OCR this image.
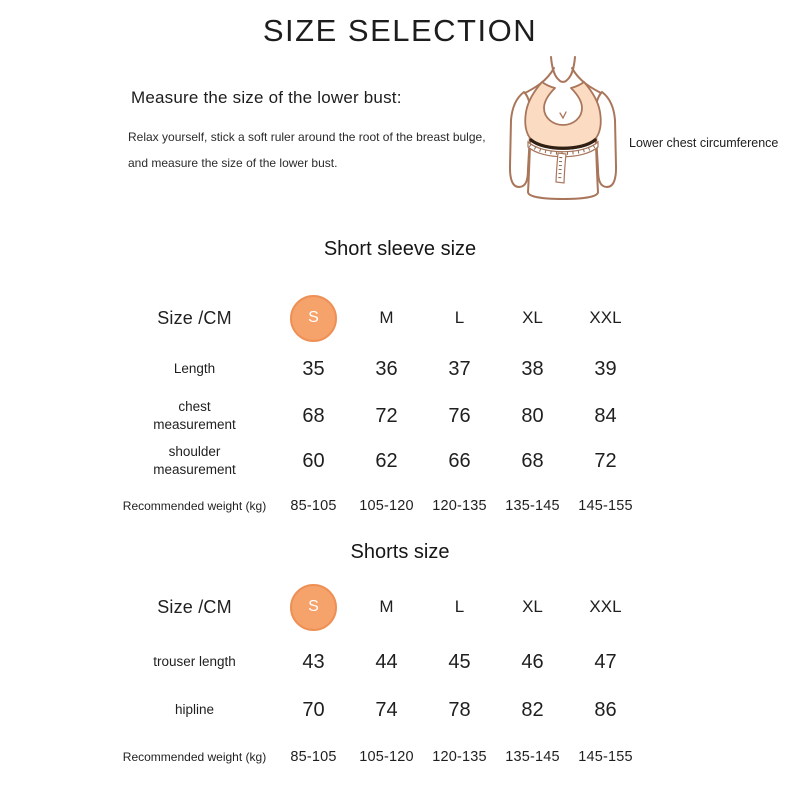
SIZE SELECTION
Measure the size of the lower bust:

Relax yourself, stick a soft ruler around the root of the breast bulge,
and measure the size of the lower bust.

Lower chest circumference
Short sleeve size
Size /CM	S	M	L	XL	XXL
Length	35	36	37	38	39
chest measurement	68	72	76	80	84
shoulder measurement	60	62	66	68	72
Recommended weight (kg)	85-105	105-120	120-135	135-145	145-155
Shorts size
Size /CM	S	M	L	XL	XXL
trouser length	43	44	45	46	47
hipline	70	74	78	82	86
Recommended weight (kg)	85-105	105-120	120-135	135-145	145-155
